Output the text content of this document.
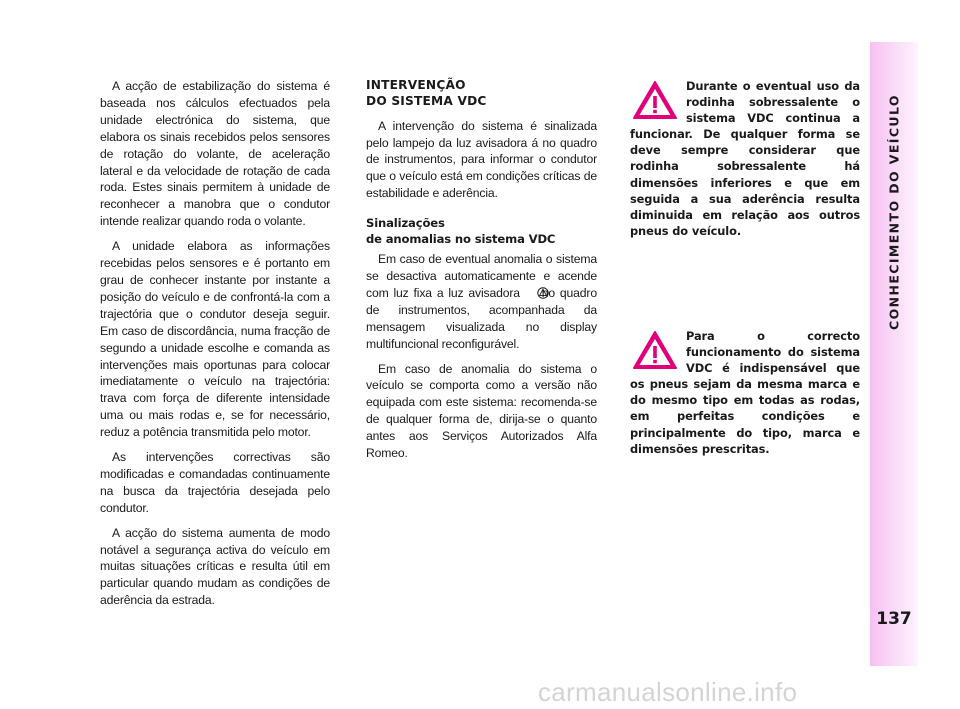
A acção de estabilização do sistema é baseada nos cálculos efectuados pela unidade electrónica do sistema, que elabora os sinais recebidos pelos sensores de rotação do volante, de aceleração lateral e da velocidade de rotação de cada roda. Estes sinais permitem à unidade de reconhecer a manobra que o condutor intende realizar quando roda o volante.

A unidade elabora as informações recebidas pelos sensores e é portanto em grau de conhecer instante por instante a posição do veículo e de confrontá-la com a trajectória que o condutor deseja seguir. Em caso de discordância, numa fracção de segundo a unidade escolhe e comanda as intervenções mais oportunas para colocar imediatamente o veículo na trajectória: trava com força de diferente intensidade uma ou mais rodas e, se for necessário, reduz a potência transmitida pelo motor.

As intervenções correctivas são modificadas e comandadas continuamente na busca da trajectória desejada pelo condutor.

A acção do sistema aumenta de modo notável a segurança activa do veículo em muitas situações críticas e resulta útil em particular quando mudam as condições de aderência da estrada.

INTERVENÇÃO
DO SISTEMA VDC

A intervenção do sistema é sinalizada pelo lampejo da luz avisadora á no quadro de instrumentos, para informar o condutor que o veículo está em condições críticas de estabilidade e aderência.

Sinalizações
de anomalias no sistema VDC

Em caso de eventual anomalia o sistema se desactiva automaticamente e acende com luz fixa a luz avisadora no quadro de instrumentos, acompanhada da mensagem visualizada no display multifuncional reconfigurável.

Em caso de anomalia do sistema o veículo se comporta como a versão não equipada com este sistema: recomenda-se de qualquer forma de, dirija-se o quanto antes aos Serviços Autorizados Alfa Romeo.

Durante o eventual uso da rodinha sobressalente o sistema VDC continua a funcionar. De qualquer forma se deve sempre considerar que rodinha sobressalente há dimensões inferiores e que em seguida a sua aderência resulta diminuida em relação aos outros pneus do veículo.
Para o correcto funcionamento do sistema VDC é indispensável que os pneus sejam da mesma marca e do mesmo tipo em todas as rodas, em perfeitas condições e principalmente do tipo, marca e dimensões prescritas.
CONHECIMENTO DO VEÍCULO
137
carmanualsonline.info
